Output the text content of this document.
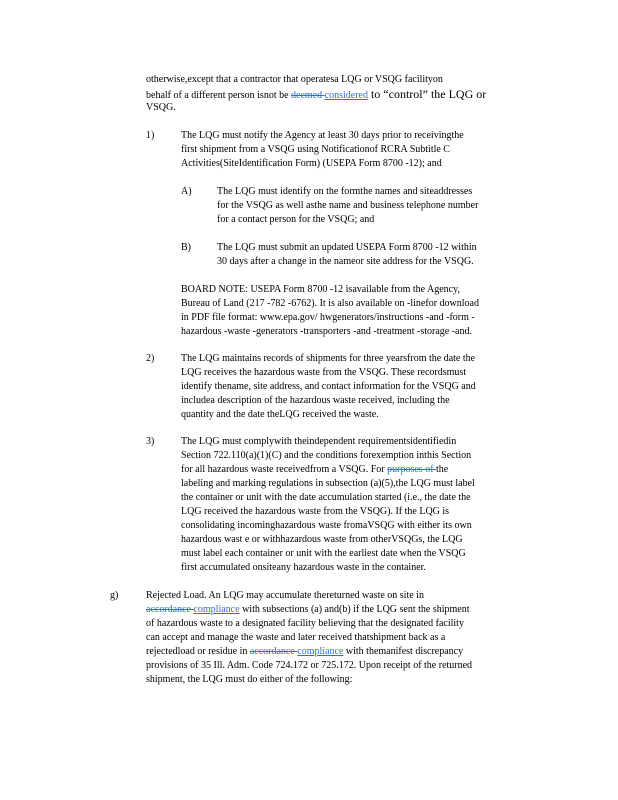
otherwise,except that a contractor that operatesa LQG or VSQG facilityon
behalf of a different person isnot be deemed considered to “control” the LQG or
VSQG.
1)	The LQG must notify the Agency at least 30 days prior to receivingthe
first shipment from a VSQG using Notificationof RCRA Subtitle C
Activities(SiteIdentification Form) (USEPA Form 8700 -12); and
A)	The LQG must identify on the formthe names and siteaddresses
for the VSQG as well asthe name and business telephone number
for a contact person for the VSQG; and
B)	The LQG must submit an updated USEPA Form 8700 -12 within
30 days after a change in the nameor site address for the VSQG.
BOARD NOTE: USEPA Form 8700 -12 isavailable from the Agency,
Bureau of Land (217 -782 -6762). It is also available on -linefor download
in PDF file format: www.epa.gov/ hwgenerators/instructions -and -form -
hazardous -waste -generators -transporters -and -treatment -storage -and.
2)	The LQG maintains records of shipments for three yearsfrom the date the
LQG receives the hazardous waste from the VSQG. These recordsmust
identify thename, site address, and contact information for the VSQG and
includea description of the hazardous waste received, including the
quantity and the date theLQG received the waste.
3)	The LQG must complywith theindependent requirementsidentifiedin
Section 722.110(a)(1)(C) and the conditions forexemption inthis Section
for all hazardous waste receivedfrom a VSQG. For purposes of the
labeling and marking regulations in subsection (a)(5),the LQG must label
the container or unit with the date accumulation started (i.e., the date the
LQG received the hazardous waste from the VSQG). If the LQG is
consolidating incominghazardous waste fromaVSQG with either its own
hazardous wast e or withhazardous waste from otherVSQGs, the LQG
must label each container or unit with the earliest date when the VSQG
first accumulated onsiteany hazardous waste in the container.
g)	Rejected Load. An LQG may accumulate thereturned waste on site in
accordance compliance with subsections (a) and(b) if the LQG sent the shipment
of hazardous waste to a designated facility believing that the designated facility
can accept and manage the waste and later received thatshipment back as a
rejectedload or residue in accordance compliance with themanifest discrepancy
provisions of 35 Ill. Adm. Code 724.172 or 725.172. Upon receipt of the returned
shipment, the LQG must do either of the following:
